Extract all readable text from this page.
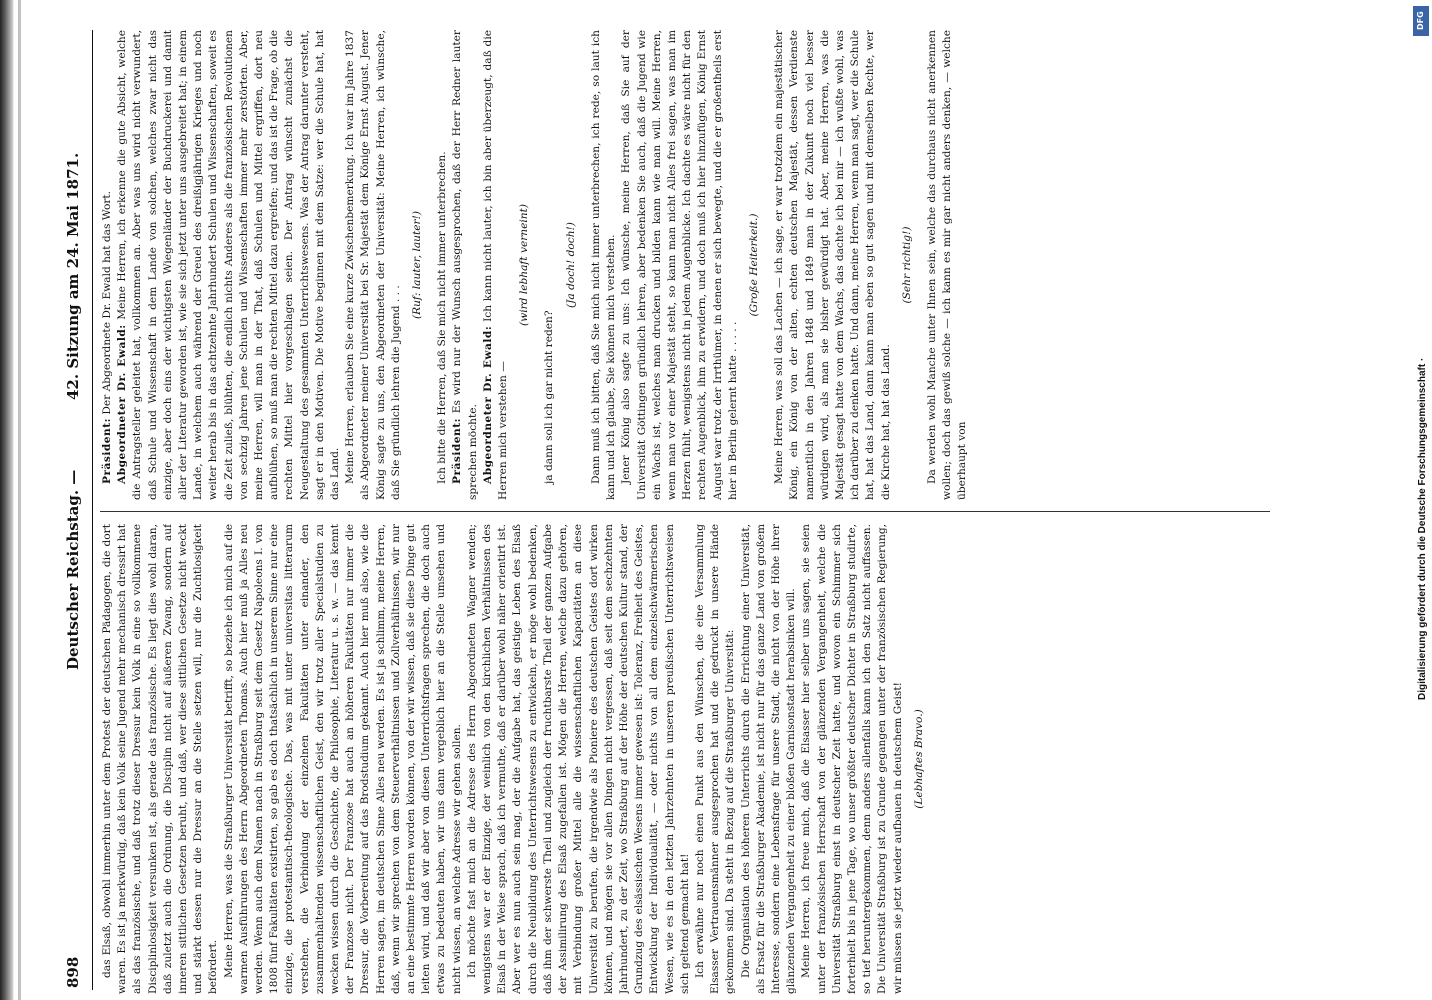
898
Deutscher Reichstag. —
42. Sitzung am 24. Mai 1871.

das Elsaß, obwohl immerhin unter dem Protest der deutschen Pädagogen, die dort waren. Es ist ja merkwürdig, daß kein Volk seine Jugend mehr mechanisch dressirt hat als das französische, und daß trotz dieser Dressur kein Volk in eine so vollkommene Disciplinlosigkeit versunken ist, als gerade das französische. Es liegt dies wohl daran, daß zuletzt auch die Ordnung, die Disciplin nicht auf äußeren Zwang, sondern auf inneren sittlichen Gesetzen beruht, und daß, wer diese sittlichen Gesetze nicht weckt und stärkt dessen nur die Dressur an die Stelle setzen will, nur die Zuchtlosigkeit befördert. Meine Herren, was die Straßburger Universität betrifft, so beziehe ich mich auf die warmen Ausführungen des Herrn Abgeordneten Thomas. Auch hier muß ja Alles neu werden. Wenn auch dem Namen nach in Straßburg seit dem Gesetz Napoleons I. von 1808 fünf Fakultäten existirten, so gab es doch thatsächlich in unserem Sinne nur eine einzige, die protestantisch-theologische. Das, was mit unter universitas litterarum verstehen, die Verbindung der einzelnen Fakultäten unter einander, den zusammenhaltenden wissenschaftlichen Geist, den wir trotz aller Specialstudien zu wecken wissen durch die Geschichte, die Philosophie, Literatur u. s. w. — das kennt der Franzose nicht. Der Franzose hat auch an höheren Fakultäten nur immer die Dressur, die Vorbereitung auf das Brodstudium gekannt. Auch hier muß also, wie die Herren sagen, im deutschen Sinne Alles neu werden. Es ist ja schlimm, meine Herren, daß, wenn wir sprechen von dem Steuerverhältnissen und Zollverhältnissen, wir nur an eine bestimmte Herren worden können, von der wir wissen, daß sie diese Dinge gut leiten wird, und daß wir aber von diesen Unterrichtsfragen sprechen, die doch auch etwas zu bedeuten haben, wir uns dann vergeblich hier an die Stelle umsehen und nicht wissen, an welche Adresse wir gehen sollen. Ich möchte fast mich an die Adresse des Herrn Abgeordneten Wagner wenden; wenigstens war er der Einzige, der weinlich von den kirchlichen Verhältnissen des Elsaß in der Weise sprach, daß ich vermuthe, daß er darüber wohl näher orientirt ist. Aber wer es nun auch sein mag, der die Aufgabe hat, das geistige Leben des Elsaß durch die Neubildung des Unterrichtswesens zu entwickeln, er möge wohl bedenken, daß ihm der schwerste Theil und zugleich der fruchtbarste Theil der ganzen Aufgabe der Assimilirung des Elsaß zugefallen ist. Mögen die Herren, welche dazu gehören, mit Verbindung großer Mittel alle die wissenschaftlichen Kapacitäten an diese Universität zu berufen, die irgendwie als Pioniere des deutschen Geistes dort wirken können, und mögen sie vor allen Dingen nicht vergessen, daß seit dem sechzehnten Jahrhundert, zu der Zeit, wo Straßburg auf der Höhe der deutschen Kultur stand, der Grundzug des elsässischen Wesens immer gewesen ist: Toleranz, Freiheit des Geistes, Entwicklung der Individualität, — oder nichts von all dem einzelschwärmerischen Wesen, wie es in den letzten Jahrzehnten in unseren preußischen Unterrichtsweisen sich geltend gemacht hat! Ich erwähne nur noch einen Punkt aus den Wünschen, die eine Versammlung Elsasser Vertrauensmänner ausgesprochen hat und die gedruckt in unsere Hände gekommen sind. Da steht in Bezug auf die Straßburger Universität: Die Organisation des höheren Unterrichts durch die Errichtung einer Universität, als Ersatz für die Straßburger Akademie, ist nicht nur für das ganze Land von großem Interesse, sondern eine Lebensfrage für unsere Stadt, die nicht von der Höhe ihrer glänzenden Vergangenheit zu einer bloßen Garnisonstadt herabsinken will. Meine Herren, ich freue mich, daß die Elsasser hier selber uns sagen, sie seien unter der französischen Herrschaft von der glänzenden Vergangenheit, welche die Universität Straßburg einst in deutscher Zeit hatte, und wovon ein Schimmer sich forterhielt bis in jene Tage, wo unser größter deutscher Dichter in Straßburg studirte, so tief heruntergekommen, denn anders allenfalls kann ich den Satz nicht auffassen. Die Universität Straßburg ist zu Grunde gegangen unter der französischen Regierung, wir müssen sie jetzt wieder aufbauen in deutschem Geist! (Lebhaftes Bravo.)

Präsident: Der Abgeordnete Dr. Ewald hat das Wort. Abgeordneter Dr. Ewald: Meine Herren, ich erkenne die gute Absicht, welche die Antragsteller geleitet hat, vollkommen an. Aber was uns wird nicht verwundert, daß Schule und Wissenschaft in dem Lande von solchen, welches zwar nicht das einzige, aber doch eins der wichtigsten Wiegenländer der Buchdruckerei und damit aller der Literatur geworden ist, wie sie sich jetzt unter uns ausgebreitet hat; in einem Lande, in welchem auch während der Greuel des dreißigjährigen Krieges und noch weiter herab bis in das achtzehnte Jahrhundert Schulen und Wissenschaften, soweit es die Zeit zuließ, blühten, die endlich nichts Anderes als die französischen Revolutionen von sechzig Jahren jene Schulen und Wissenschaften immer mehr zerstörten. Aber, meine Herren, will man in der That, daß Schulen und Mittel ergriffen, dort neu aufblühen, so muß man die rechten Mittel dazu ergreifen; und das ist die Frage, ob die rechten Mittel hier vorgeschlagen seien. Der Antrag wünscht zunächst die Neugestaltung des gesammten Unterrichtswesens. Was der Antrag darunter versteht, sagt er in den Motiven. Die Motive beginnen mit dem Satze: wer die Schule hat, hat das Land. Meine Herren, erlauben Sie eine kurze Zwischenbemerkung. Ich war im Jahre 1837 als Abgeordneter meiner Universität bei Sr. Majestät dem Könige Ernst August. Jener König sagte zu uns, den Abgeordneten der Universität: Meine Herren, ich wünsche, daß Sie gründlich lehren die Jugend . . .

(Ruf: lauter, lauter!) Ich bitte die Herren, daß Sie mich nicht immer unterbrechen. Präsident: Es wird nur der Wunsch ausgesprochen, daß der Herr Redner lauter sprechen möchte. Abgeordneter Dr. Ewald: Ich kann nicht lauter, ich bin aber überzeugt, daß die Herren mich verstehen —

(wird lebhaft verneint)

ja dann soll ich gar nicht reden?

(Ja doch! doch!) Dann muß ich bitten, daß Sie mich nicht immer unterbrechen, ich rede, so laut ich kann und ich glaube, Sie können mich verstehen. Jener König also sagte zu uns: Ich wünsche, meine Herren, daß Sie auf der Universität Göttingen gründlich lehren, aber bedenken Sie auch, daß die Jugend wie ein Wachs ist, welches man drucken und bilden kann wie man will. Meine Herren, wenn man vor einer Majestät steht, so kann man nicht Alles frei sagen, was man im Herzen fühlt, wenigstens nicht in jedem Augenblicke. Ich dachte es wäre nicht für den rechten Augenblick, ihm zu erwidern, und doch muß ich hier hinzufügen, König Ernst August war trotz der Irrthümer, in denen er sich bewegte, und die er großentheils erst hier in Berlin gelernt hatte . . . . .

(Große Heiterkeit.) Meine Herren, was soll das Lachen — ich sage, er war trotzdem ein majestätischer König, ein König von der alten, echten deutschen Majestät, dessen Verdienste namentlich in den Jahren 1848 und 1849 man in der Zukunft noch viel besser würdigen wird, als man sie bisher gewürdigt hat. Aber, meine Herren, was die Majestät gesagt hatte von dem Wachs, das dachte ich bei mir — ich wußte wohl, was ich darüber zu denken hatte. Und dann, meine Herren, wenn man sagt, wer die Schule hat, hat das Land, dann kann man eben so gut sagen und mit demselben Rechte, wer die Kirche hat, hat das Land.

(Sehr richtig!) Da werden wohl Manche unter Ihnen sein, welche das durchaus nicht anerkennen wollen; doch das gewiß solche — ich kann es mir gar nicht anders denken, — welche überhaupt von

DFG
Digitalisierung gefördert durch die Deutsche Forschungsgemeinschaft ·
